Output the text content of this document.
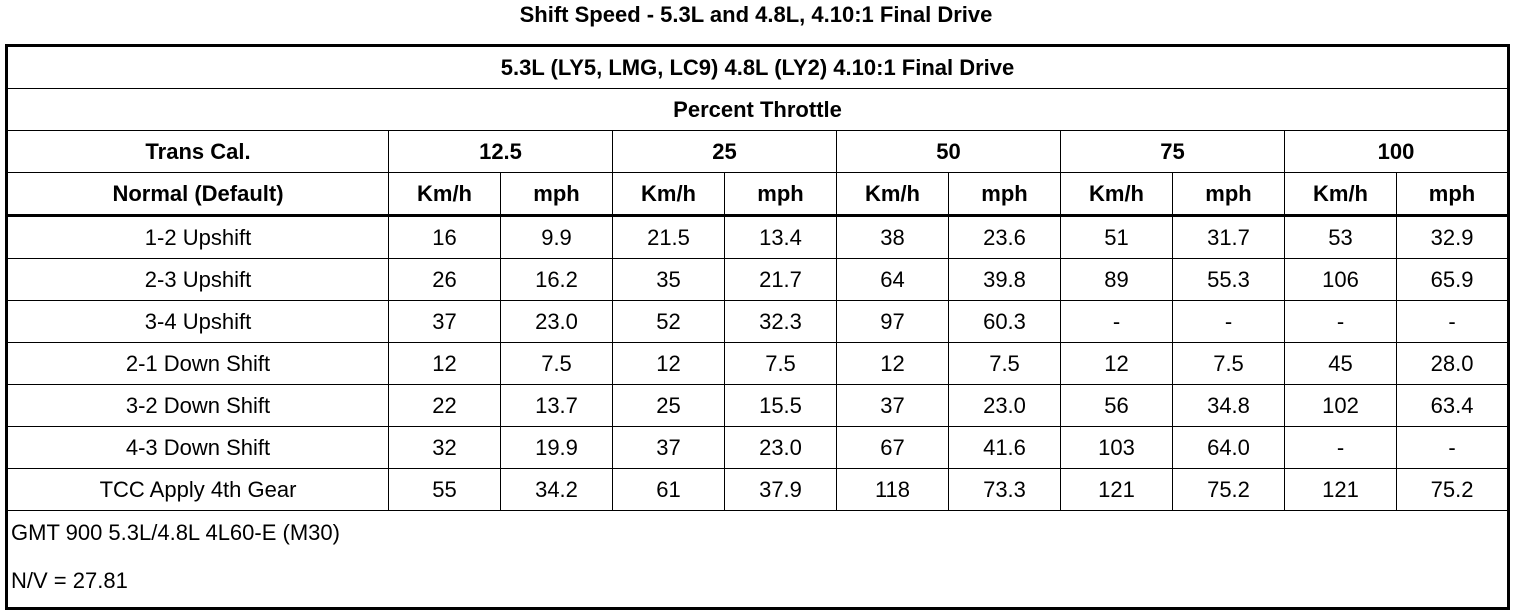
Shift Speed - 5.3L and 4.8L, 4.10:1 Final Drive
5.3L (LY5, LMG, LC9) 4.8L (LY2) 4.10:1 Final Drive										
Percent Throttle										
Trans Cal.	12.5		25		50		75		100	
Normal (Default)	Km/h	mph	Km/h	mph	Km/h	mph	Km/h	mph	Km/h	mph
1-2 Upshift	16	9.9	21.5	13.4	38	23.6	51	31.7	53	32.9
2-3 Upshift	26	16.2	35	21.7	64	39.8	89	55.3	106	65.9
3-4 Upshift	37	23.0	52	32.3	97	60.3	-	-	-	-
2-1 Down Shift	12	7.5	12	7.5	12	7.5	12	7.5	45	28.0
3-2 Down Shift	22	13.7	25	15.5	37	23.0	56	34.8	102	63.4
4-3 Down Shift	32	19.9	37	23.0	67	41.6	103	64.0	-	-
TCC Apply 4th Gear	55	34.2	61	37.9	118	73.3	121	75.2	121	75.2

GMT 900 5.3L/4.8L 4L60-E (M30)
N/V = 27.81										
